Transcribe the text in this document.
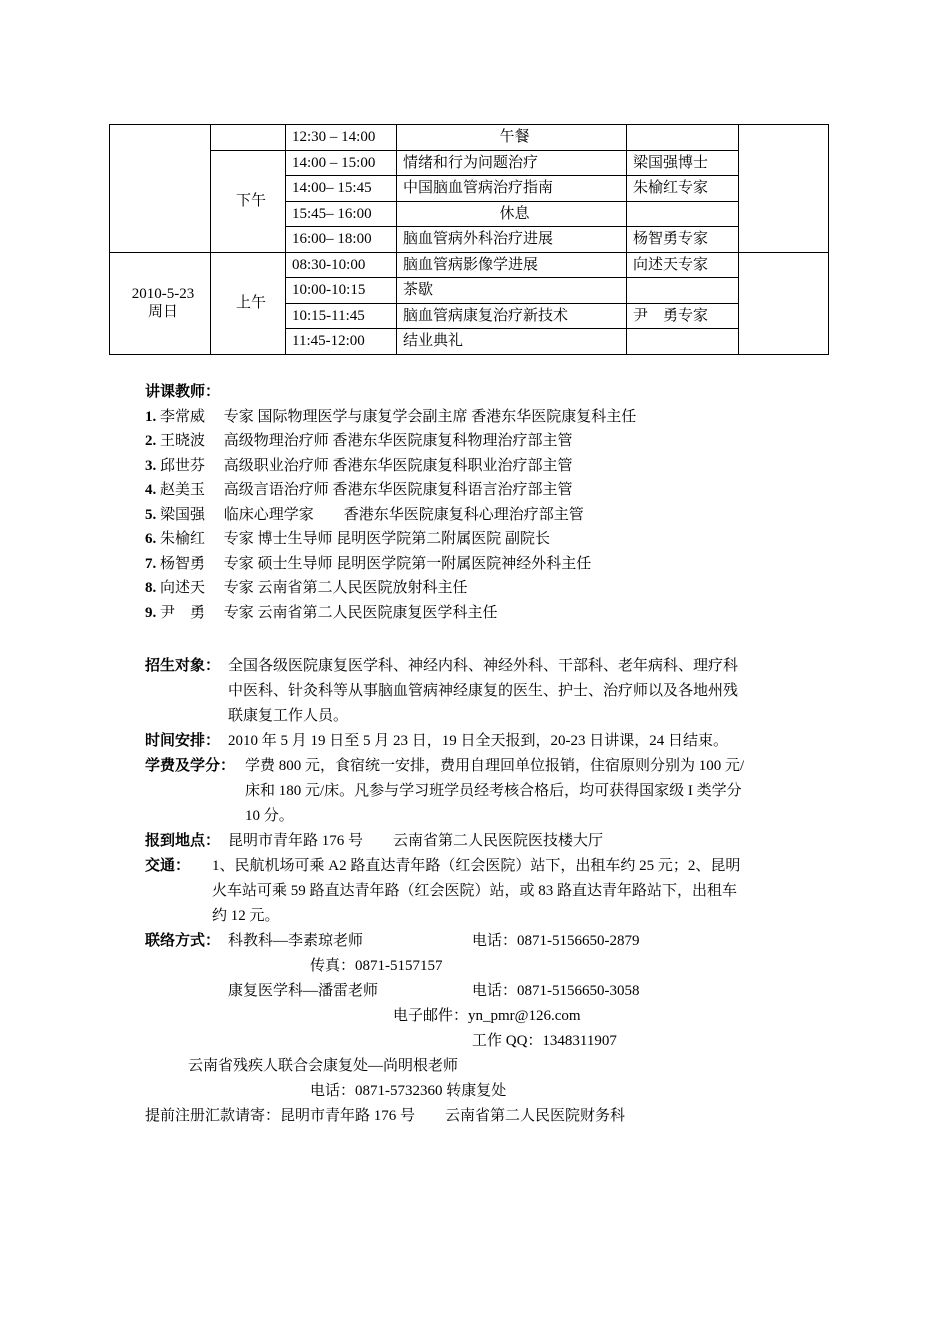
		12:30 – 14:00	午餐		
	下午	14:00 – 15:00	情绪和行为问题治疗	梁国强博士	
		14:00– 15:45	中国脑血管病治疗指南	朱榆红专家	
		15:45– 16:00	休息		
		16:00– 18:00	脑血管病外科治疗进展	杨智勇专家	
2010-5-23
周日	上午	08:30-10:00	脑血管病影像学进展	向述天专家	
		10:00-10:15	茶歇		
		10:15-11:45	脑血管病康复治疗新技术	尹　勇专家	
		11:45-12:00	结业典礼		
讲课教师：
1. 李常威　 专家 国际物理医学与康复学会副主席 香港东华医院康复科主任
2. 王晓波　 高级物理治疗师 香港东华医院康复科物理治疗部主管
3. 邱世芬　 高级职业治疗师 香港东华医院康复科职业治疗部主管
4. 赵美玉　 高级言语治疗师 香港东华医院康复科语言治疗部主管
5. 梁国强　 临床心理学家　　香港东华医院康复科心理治疗部主管
6. 朱榆红　 专家 博士生导师 昆明医学院第二附属医院 副院长
7. 杨智勇　 专家 硕士生导师 昆明医学院第一附属医院神经外科主任
8. 向述天　 专家 云南省第二人民医院放射科主任
9. 尹　勇　 专家 云南省第二人民医院康复医学科主任
招生对象： 全国各级医院康复医学科、神经内科、神经外科、干部科、老年病科、理疗科
中医科、针灸科等从事脑血管病神经康复的医生、护士、治疗师以及各地州残
联康复工作人员。
时间安排： 2010 年 5 月 19 日至 5 月 23 日，19 日全天报到，20-23 日讲课，24 日结束。
学费及学分： 学费 800 元，食宿统一安排，费用自理回单位报销，住宿原则分别为 100 元/
床和 180 元/床。凡参与学习班学员经考核合格后，均可获得国家级 I 类学分
10 分。
报到地点： 昆明市青年路 176 号　　云南省第二人民医院医技楼大厅
交通： 1、民航机场可乘 A2 路直达青年路（红会医院）站下，出租车约 25 元；2、昆明
火车站可乘 59 路直达青年路（红会医院）站，或 83 路直达青年路站下，出租车
约 12 元。
联络方式： 科教科—李素琼老师	电话：0871-5156650-2879
传真：0871-5157157
康复医学科—潘雷老师	电话：0871-5156650-3058
电子邮件：yn_pmr@126.com
工作 QQ：1348311907
云南省残疾人联合会康复处—尚明根老师
电话：0871-5732360 转康复处
提前注册汇款请寄：昆明市青年路 176 号　　云南省第二人民医院财务科
